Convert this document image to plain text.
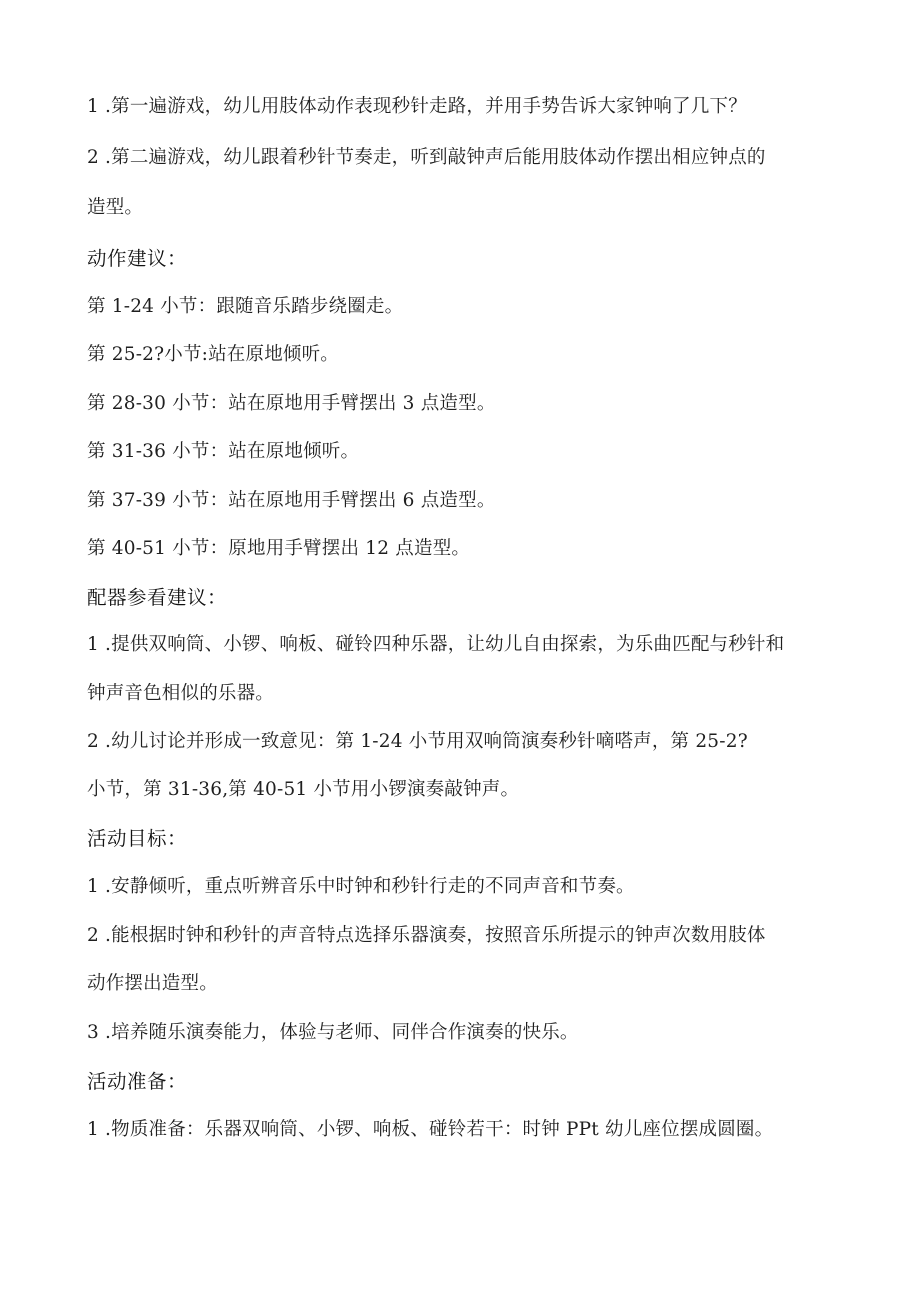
1 .第一遍游戏，幼儿用肢体动作表现秒针走路，并用手势告诉大家钟响了几下？
2 .第二遍游戏，幼儿跟着秒针节奏走，听到敲钟声后能用肢体动作摆出相应钟点的
造型。
动作建议：
第 1-24 小节：跟随音乐踏步绕圈走。
第 25-2?小节:站在原地倾听。
第 28-30 小节：站在原地用手臂摆出 3 点造型。
第 31-36 小节：站在原地倾听。
第 37-39 小节：站在原地用手臂摆出 6 点造型。
第 40-51 小节：原地用手臂摆出 12 点造型。
配器参看建议：
1 .提供双响筒、小锣、响板、碰铃四种乐器，让幼儿自由探索，为乐曲匹配与秒针和
钟声音色相似的乐器。
2 .幼儿讨论并形成一致意见：第 1-24 小节用双响筒演奏秒针嘀嗒声，第 25-2?
小节，第 31-36,第 40-51 小节用小锣演奏敲钟声。
活动目标：
1 .安静倾听，重点听辨音乐中时钟和秒针行走的不同声音和节奏。
2 .能根据时钟和秒针的声音特点选择乐器演奏，按照音乐所提示的钟声次数用肢体
动作摆出造型。
3 .培养随乐演奏能力，体验与老师、同伴合作演奏的快乐。
活动准备：
1 .物质准备：乐器双响筒、小锣、响板、碰铃若干：时钟 PPt 幼儿座位摆成圆圈。
